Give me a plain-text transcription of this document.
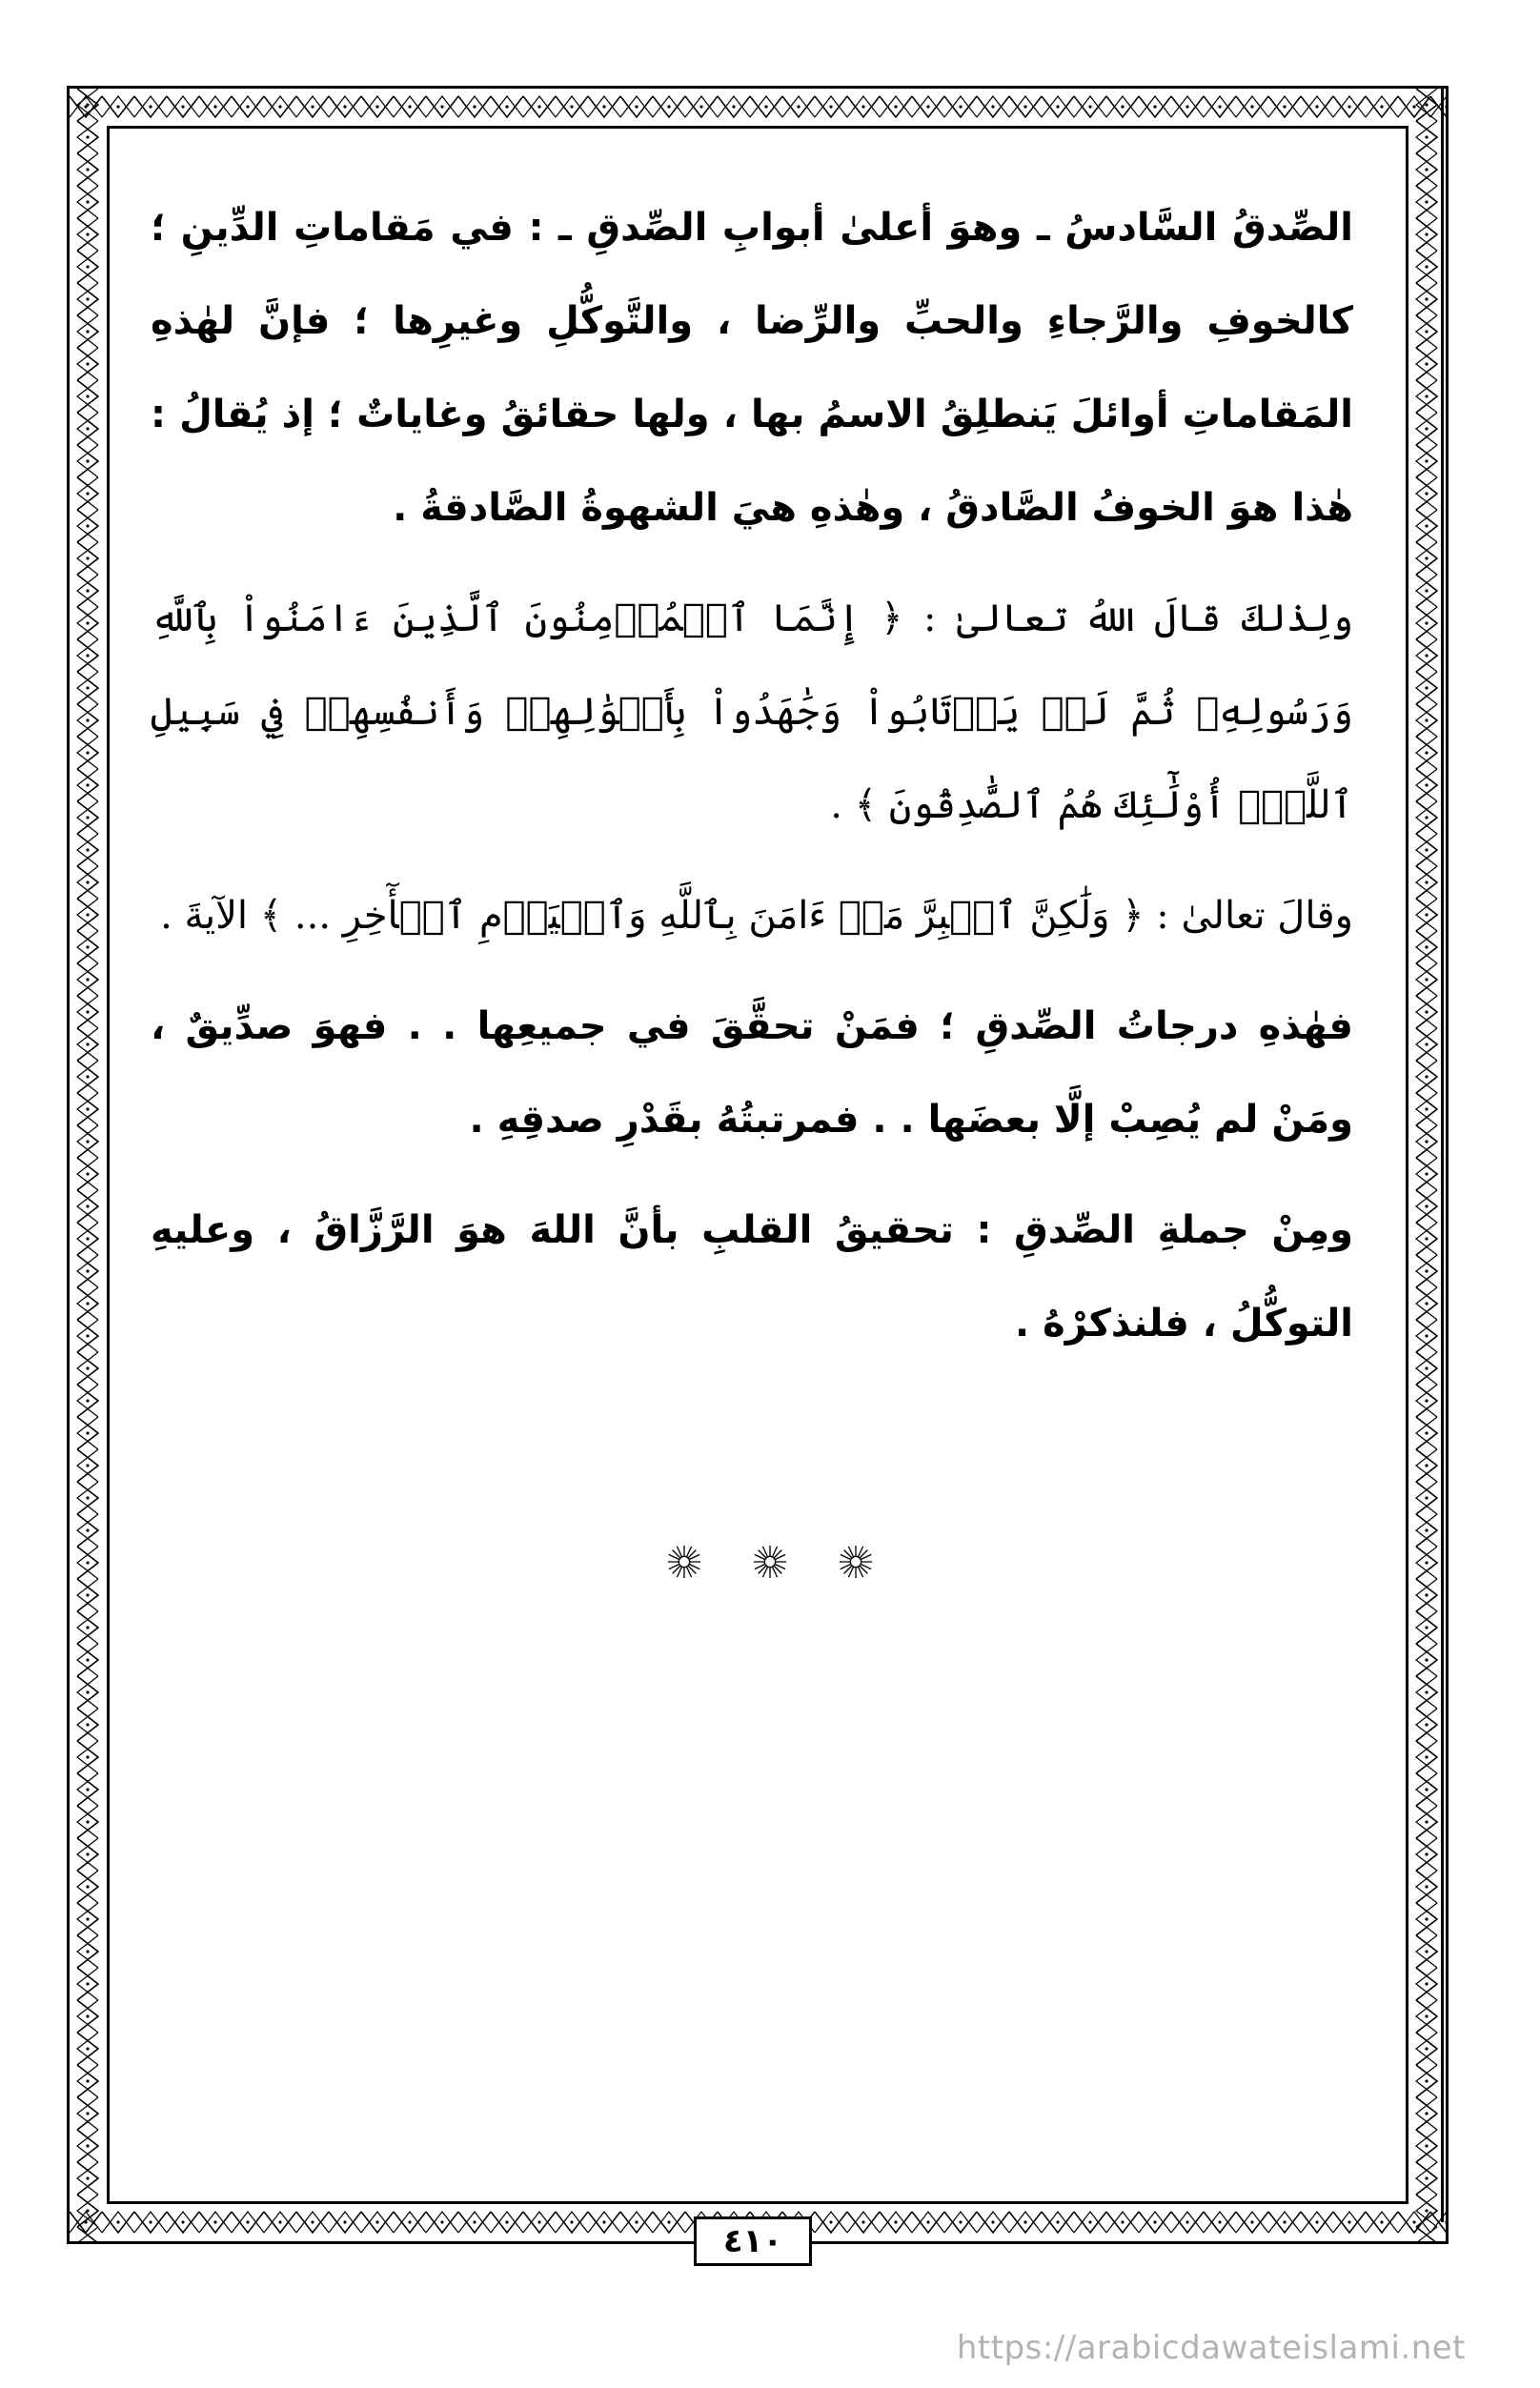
الصِّدقُ السَّادسُ ـ وهوَ أعلىٰ أبوابِ الصِّدقِ ـ : في مَقاماتِ الدِّينِ ؛ كالخوفِ والرَّجاءِ والحبِّ والرِّضا ، والتَّوكُّلِ وغيرِها ؛ فإنَّ لهٰذهِ المَقاماتِ أوائلَ يَنطلِقُ الاسمُ بها ، ولها حقائقُ وغاياتٌ ؛ إذ يُقالُ : هٰذا هوَ الخوفُ الصَّادقُ ، وهٰذهِ هيَ الشهوةُ الصَّادقةُ .

ولِذٰلكَ قالَ اللهُ تعالىٰ : ﴿ إِنَّمَا ٱلۡمُؤۡمِنُونَ ٱلَّذِينَ ءَامَنُواْ بِٱللَّهِ وَرَسُولِهِۦ ثُمَّ لَمۡ يَرۡتَابُواْ وَجَٰهَدُواْ بِأَمۡوَٰلِهِمۡ وَأَنفُسِهِمۡ فِي سَبِيلِ ٱللَّهِۚ أُوْلَٰٓئِكَ هُمُ ٱلصَّٰدِقُونَ ﴾ .

وقالَ تعالىٰ : ﴿ وَلَٰكِنَّ ٱلۡبِرَّ مَنۡ ءَامَنَ بِٱللَّهِ وَٱلۡيَوۡمِ ٱلۡأٓخِرِ ... ﴾ الآيةَ .

فهٰذهِ درجاتُ الصِّدقِ ؛ فمَنْ تحقَّقَ في جميعِها . . فهوَ صدِّيقٌ ، ومَنْ لم يُصِبْ إلَّا بعضَها . . فمرتبتُهُ بقَدْرِ صدقِهِ .

ومِنْ جملةِ الصِّدقِ : تحقيقُ القلبِ بأنَّ اللهَ هوَ الرَّزَّاقُ ، وعليهِ التوكُّلُ ، فلنذكرْهُ .

٤١٠
https://arabicdawateislami.net
